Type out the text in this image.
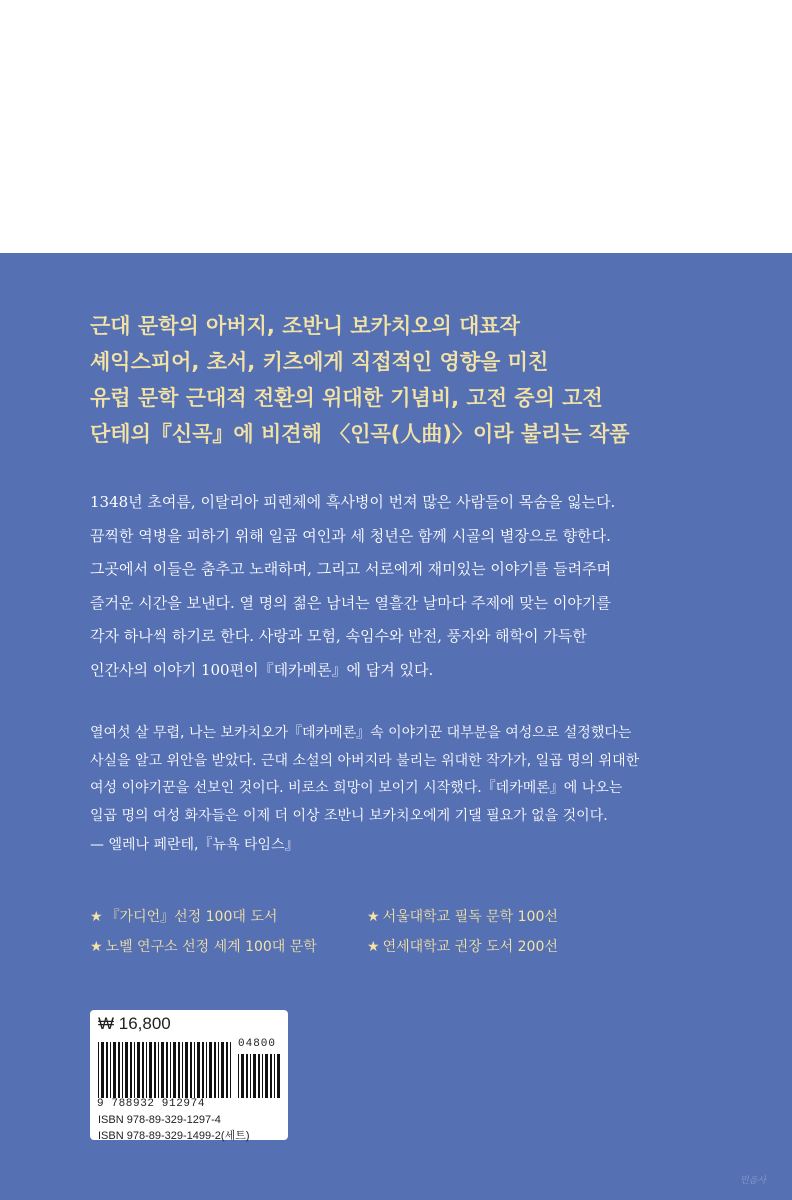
근대 문학의 아버지, 조반니 보카치오의 대표작
셰익스피어, 초서, 키츠에게 직접적인 영향을 미친
유럽 문학 근대적 전환의 위대한 기념비, 고전 중의 고전
단테의『신곡』에 비견해 〈인곡(人曲)〉이라 불리는 작품
1348년 초여름, 이탈리아 피렌체에 흑사병이 번져 많은 사람들이 목숨을 잃는다.
끔찍한 역병을 피하기 위해 일곱 여인과 세 청년은 함께 시골의 별장으로 향한다.
그곳에서 이들은 춤추고 노래하며, 그리고 서로에게 재미있는 이야기를 들려주며
즐거운 시간을 보낸다. 열 명의 젊은 남녀는 열흘간 날마다 주제에 맞는 이야기를
각자 하나씩 하기로 한다. 사랑과 모험, 속임수와 반전, 풍자와 해학이 가득한
인간사의 이야기 100편이『데카메론』에 담겨 있다.
열여섯 살 무렵, 나는 보카치오가『데카메론』속 이야기꾼 대부분을 여성으로 설정했다는
사실을 알고 위안을 받았다. 근대 소설의 아버지라 불리는 위대한 작가가, 일곱 명의 위대한
여성 이야기꾼을 선보인 것이다. 비로소 희망이 보이기 시작했다.『데카메론』에 나오는
일곱 명의 여성 화자들은 이제 더 이상 조반니 보카치오에게 기댈 필요가 없을 것이다.
— 엘레나 페란테,『뉴욕 타임스』
★ 『가디언』선정 100대 도서	★ 서울대학교 필독 문학 100선
★ 노벨 연구소 선정 세계 100대 문학	★ 연세대학교 권장 도서 200선
₩ 16,800
04800
9 788932 912974
ISBN 978-89-329-1297-4
ISBN 978-89-329-1499-2(세트)
민음사
